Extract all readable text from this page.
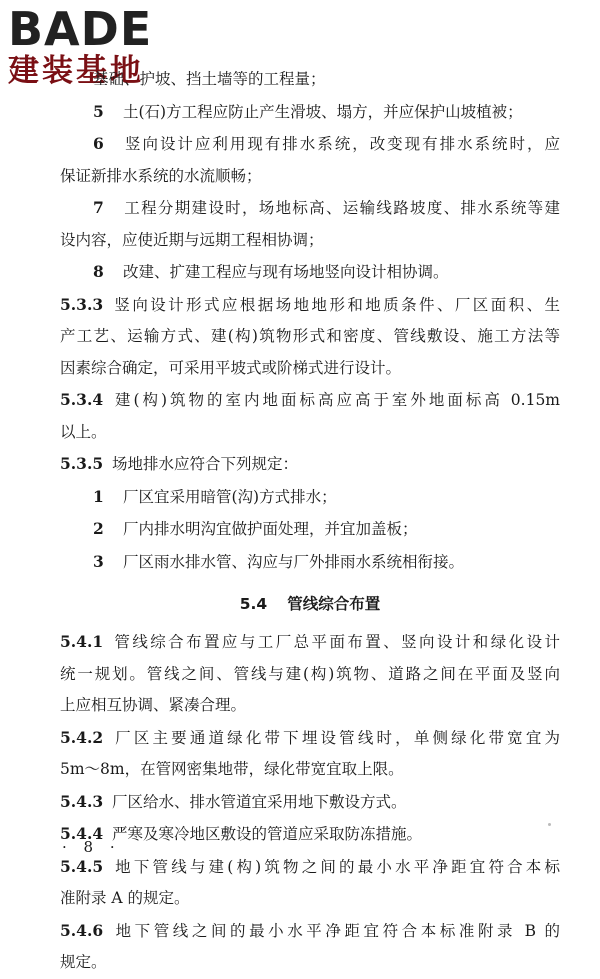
BADE
建装基地
基础、护坡、挡土墙等的工程量；
5 土(石)方工程应防止产生滑坡、塌方，并应保护山坡植被；
6 竖向设计应利用现有排水系统，改变现有排水系统时，应
保证新排水系统的水流顺畅；
7 工程分期建设时，场地标高、运输线路坡度、排水系统等建
设内容，应使近期与远期工程相协调；
8 改建、扩建工程应与现有场地竖向设计相协调。
5.3.3 竖向设计形式应根据场地地形和地质条件、厂区面积、生
产工艺、运输方式、建(构)筑物形式和密度、管线敷设、施工方法等
因素综合确定，可采用平坡式或阶梯式进行设计。
5.3.4 建(构)筑物的室内地面标高应高于室外地面标高 0.15m
以上。
5.3.5 场地排水应符合下列规定：
1 厂区宜采用暗管(沟)方式排水；
2 厂内排水明沟宜做护面处理，并宜加盖板；
3 厂区雨水排水管、沟应与厂外排雨水系统相衔接。
5.4 管线综合布置
5.4.1 管线综合布置应与工厂总平面布置、竖向设计和绿化设计
统一规划。管线之间、管线与建(构)筑物、道路之间在平面及竖向
上应相互协调、紧凑合理。
5.4.2 厂区主要通道绿化带下埋设管线时，单侧绿化带宽宜为
5m～8m，在管网密集地带，绿化带宽宜取上限。
5.4.3 厂区给水、排水管道宜采用地下敷设方式。
5.4.4 严寒及寒冷地区敷设的管道应采取防冻措施。
5.4.5 地下管线与建(构)筑物之间的最小水平净距宜符合本标
准附录 A 的规定。
5.4.6 地下管线之间的最小水平净距宜符合本标准附录 B 的
规定。
· 8 ·
